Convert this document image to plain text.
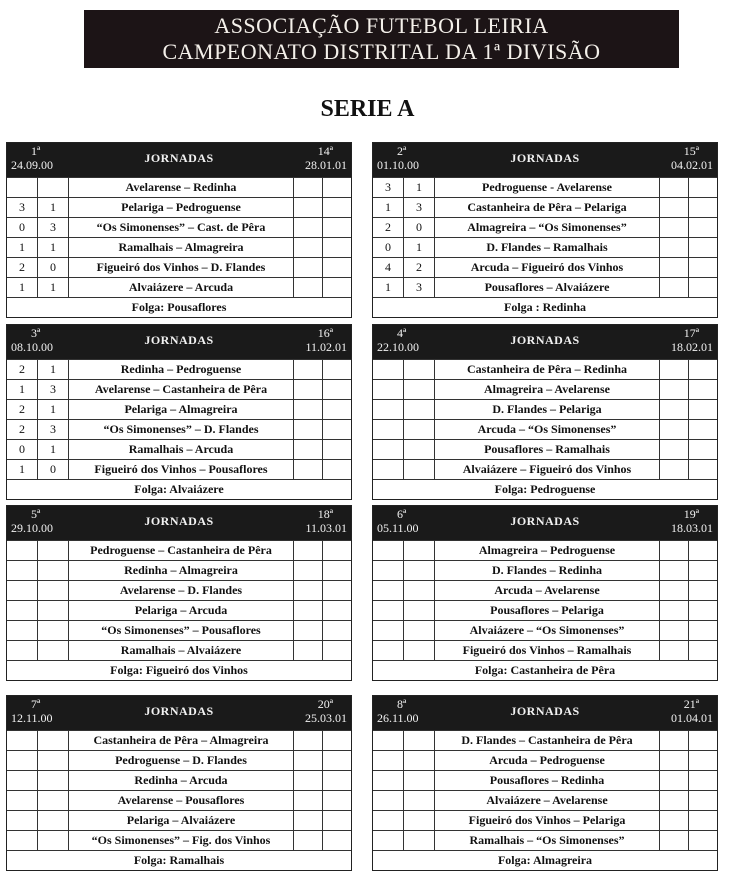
ASSOCIAÇÃO FUTEBOL LEIRIA
CAMPEONATO DISTRITAL DA 1ª DIVISÃO
SERIE A
1ª
24.09.00	JORNADAS	14ª
28.01.01
Avelarense – Redinha
3	1	Pelariga – Pedroguense
0	3	“Os Simonenses” – Cast. de Pêra
1	1	Ramalhais – Almagreira
2	0	Figueiró dos Vinhos – D. Flandes
1	1	Alvaiázere – Arcuda
Folga: Pousaflores
2ª
01.10.00	JORNADAS	15ª
04.02.01
3	1	Pedroguense - Avelarense
1	3	Castanheira de Pêra – Pelariga
2	0	Almagreira – “Os Simonenses”
0	1	D. Flandes – Ramalhais
4	2	Arcuda – Figueiró dos Vinhos
1	3	Pousaflores – Alvaiázere
Folga : Redinha
3ª
08.10.00	JORNADAS	16ª
11.02.01
2	1	Redinha – Pedroguense
1	3	Avelarense – Castanheira de Pêra
2	1	Pelariga – Almagreira
2	3	“Os Simonenses” – D. Flandes
0	1	Ramalhais – Arcuda
1	0	Figueiró dos Vinhos – Pousaflores
Folga: Alvaiázere
4ª
22.10.00	JORNADAS	17ª
18.02.01
Castanheira de Pêra – Redinha
Almagreira – Avelarense
D. Flandes – Pelariga
Arcuda – “Os Simonenses”
Pousaflores – Ramalhais
Alvaiázere – Figueiró dos Vinhos
Folga: Pedroguense
5ª
29.10.00	JORNADAS	18ª
11.03.01
Pedroguense – Castanheira de Pêra
Redinha – Almagreira
Avelarense – D. Flandes
Pelariga – Arcuda
“Os Simonenses” – Pousaflores
Ramalhais – Alvaiázere
Folga: Figueiró dos Vinhos
6ª
05.11.00	JORNADAS	19ª
18.03.01
Almagreira – Pedroguense
D. Flandes – Redinha
Arcuda – Avelarense
Pousaflores – Pelariga
Alvaiázere – “Os Simonenses”
Figueiró dos Vinhos – Ramalhais
Folga: Castanheira de Pêra
7ª
12.11.00	JORNADAS	20ª
25.03.01
Castanheira de Pêra – Almagreira
Pedroguense – D. Flandes
Redinha – Arcuda
Avelarense – Pousaflores
Pelariga – Alvaiázere
“Os Simonenses” – Fig. dos Vinhos
Folga: Ramalhais
8ª
26.11.00	JORNADAS	21ª
01.04.01
D. Flandes – Castanheira de Pêra
Arcuda – Pedroguense
Pousaflores – Redinha
Alvaiázere – Avelarense
Figueiró dos Vinhos – Pelariga
Ramalhais – “Os Simonenses”
Folga: Almagreira
